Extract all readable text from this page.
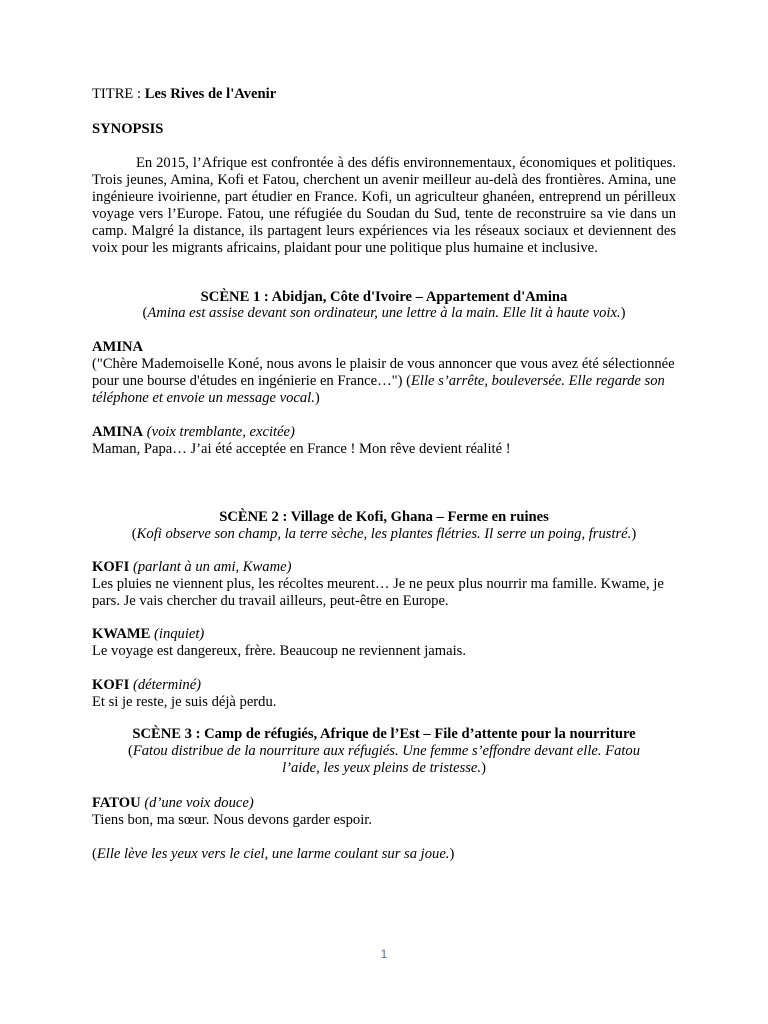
TITRE : Les Rives de l'Avenir

SYNOPSIS

En 2015, l’Afrique est confrontée à des défis environnementaux, économiques et politiques. Trois jeunes, Amina, Kofi et Fatou, cherchent un avenir meilleur au-delà des frontières. Amina, une ingénieure ivoirienne, part étudier en France. Kofi, un agriculteur ghanéen, entreprend un périlleux voyage vers l’Europe. Fatou, une réfugiée du Soudan du Sud, tente de reconstruire sa vie dans un camp. Malgré la distance, ils partagent leurs expériences via les réseaux sociaux et deviennent des voix pour les migrants africains, plaidant pour une politique plus humaine et inclusive.

SCÈNE 1 : Abidjan, Côte d'Ivoire – Appartement d'Amina

(Amina est assise devant son ordinateur, une lettre à la main. Elle lit à haute voix.)

AMINA

("Chère Mademoiselle Koné, nous avons le plaisir de vous annoncer que vous avez été sélectionnée pour une bourse d'études en ingénierie en France…") (Elle s’arrête, bouleversée. Elle regarde son téléphone et envoie un message vocal.)

AMINA (voix tremblante, excitée)

Maman, Papa… J’ai été acceptée en France ! Mon rêve devient réalité !

SCÈNE 2 : Village de Kofi, Ghana – Ferme en ruines

(Kofi observe son champ, la terre sèche, les plantes flétries. Il serre un poing, frustré.)

KOFI (parlant à un ami, Kwame)

Les pluies ne viennent plus, les récoltes meurent… Je ne peux plus nourrir ma famille. Kwame, je pars. Je vais chercher du travail ailleurs, peut-être en Europe.

KWAME (inquiet)

Le voyage est dangereux, frère. Beaucoup ne reviennent jamais.

KOFI (déterminé)

Et si je reste, je suis déjà perdu.

SCÈNE 3 : Camp de réfugiés, Afrique de l’Est – File d’attente pour la nourriture

(Fatou distribue de la nourriture aux réfugiés. Une femme s’effondre devant elle. Fatou l’aide, les yeux pleins de tristesse.)

FATOU (d’une voix douce)

Tiens bon, ma sœur. Nous devons garder espoir.

(Elle lève les yeux vers le ciel, une larme coulant sur sa joue.)

1
